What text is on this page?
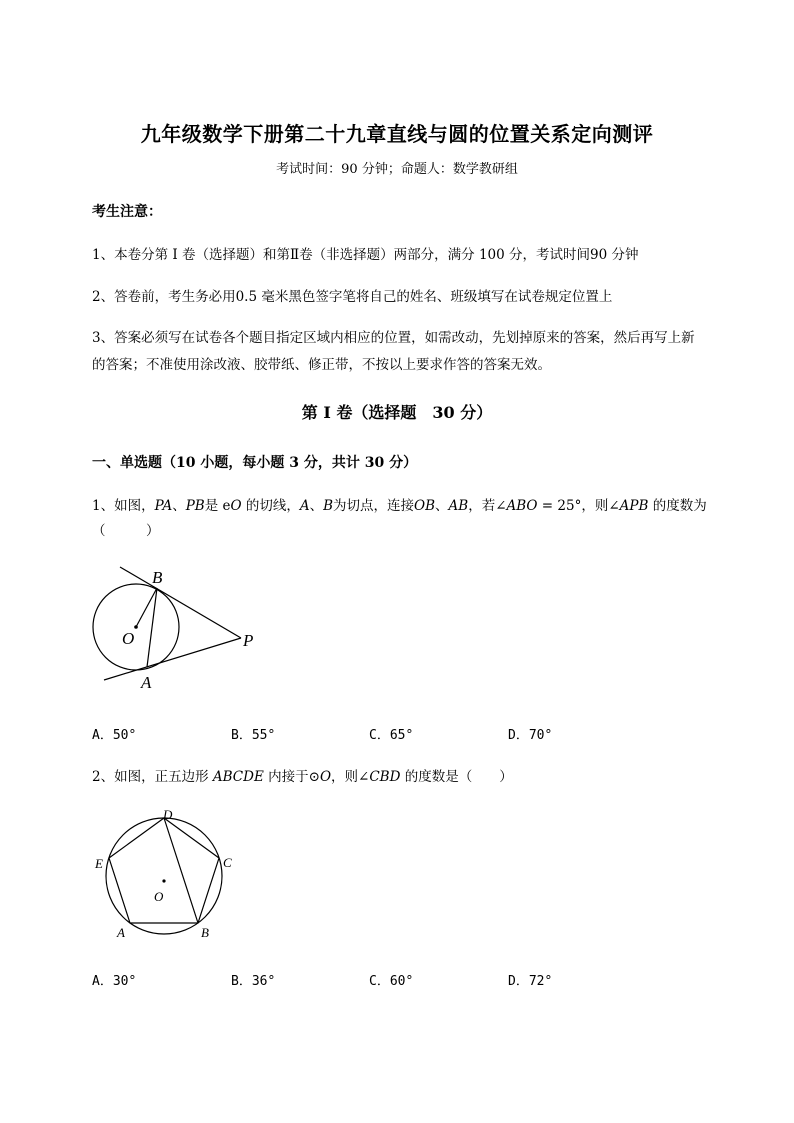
九年级数学下册第二十九章直线与圆的位置关系定向测评
考试时间：90 分钟；命题人：数学教研组
考生注意：
1、本卷分第 I 卷（选择题）和第Ⅱ卷（非选择题）两部分，满分 100 分，考试时间90 分钟
2、答卷前，考生务必用0.5 毫米黑色签字笔将自己的姓名、班级填写在试卷规定位置上
3、答案必须写在试卷各个题目指定区域内相应的位置，如需改动，先划掉原来的答案，然后再写上新
的答案；不准使用涂改液、胶带纸、修正带，不按以上要求作答的答案无效。
第 I 卷（选择题　30 分）
一、单选题（10 小题，每小题 3 分，共计 30 分）
1、如图，PA、PB是 eO 的切线，A、B为切点，连接OB、AB，若∠ABO = 25°，则∠APB 的度数为
（　　　）
B
O	P
A
A．50°	B．55°	C．65°	D．70°
2、如图，正五边形 ABCDE 内接于⊙O，则∠CBD 的度数是（　　）
D
E	C
O
A	B
A．30°	B．36°	C．60°	D．72°
